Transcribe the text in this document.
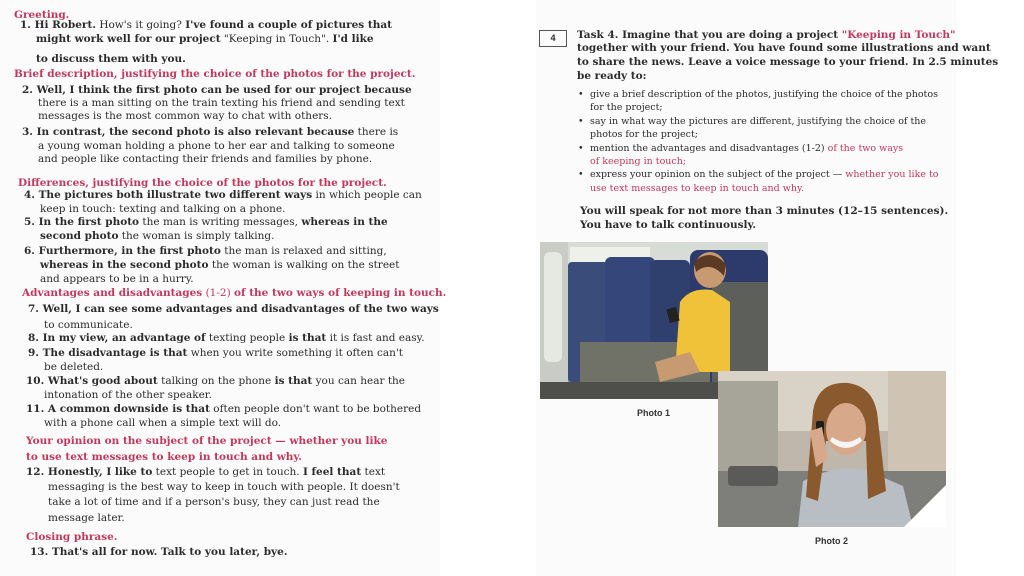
Greeting.
1. Hi Robert. How's it going? I've found a couple of pictures that
might work well for our project "Keeping in Touch". I'd like
to discuss them with you.
Brief description, justifying the choice of the photos for the project.
2. Well, I think the first photo can be used for our project because
there is a man sitting on the train texting his friend and sending text
messages is the most common way to chat with others.
3. In contrast, the second photo is also relevant because there is
a young woman holding a phone to her ear and talking to someone
and people like contacting their friends and families by phone.
Differences, justifying the choice of the photos for the project.
4. The pictures both illustrate two different ways in which people can
keep in touch: texting and talking on a phone.
5. In the first photo the man is writing messages, whereas in the
second photo the woman is simply talking.
6. Furthermore, in the first photo the man is relaxed and sitting,
whereas in the second photo the woman is walking on the street
and appears to be in a hurry.
Advantages and disadvantages (1-2) of the two ways of keeping in touch.
7. Well, I can see some advantages and disadvantages of the two ways
to communicate.
8. In my view, an advantage of texting people is that it is fast and easy.
9. The disadvantage is that when you write something it often can't
be deleted.
10. What's good about talking on the phone is that you can hear the
intonation of the other speaker.
11. A common downside is that often people don't want to be bothered
with a phone call when a simple text will do.
Your opinion on the subject of the project — whether you like
to use text messages to keep in touch and why.
12. Honestly, I like to text people to get in touch. I feel that text
messaging is the best way to keep in touch with people. It doesn't
take a lot of time and if a person's busy, they can just read the
message later.
Closing phrase.
13. That's all for now. Talk to you later, bye.
4	Task 4. Imagine that you are doing a project "Keeping in Touch"
together with your friend. You have found some illustrations and want
to share the news. Leave a voice message to your friend. In 2.5 minutes
be ready to:
• give a brief description of the photos, justifying the choice of the photos
for the project;
• say in what way the pictures are different, justifying the choice of the
photos for the project;
• mention the advantages and disadvantages (1-2) of the two ways
of keeping in touch;
• express your opinion on the subject of the project — whether you like to
use text messages to keep in touch and why.
You will speak for not more than 3 minutes (12–15 sentences).
You have to talk continuously.
Photo 1
Photo 2
